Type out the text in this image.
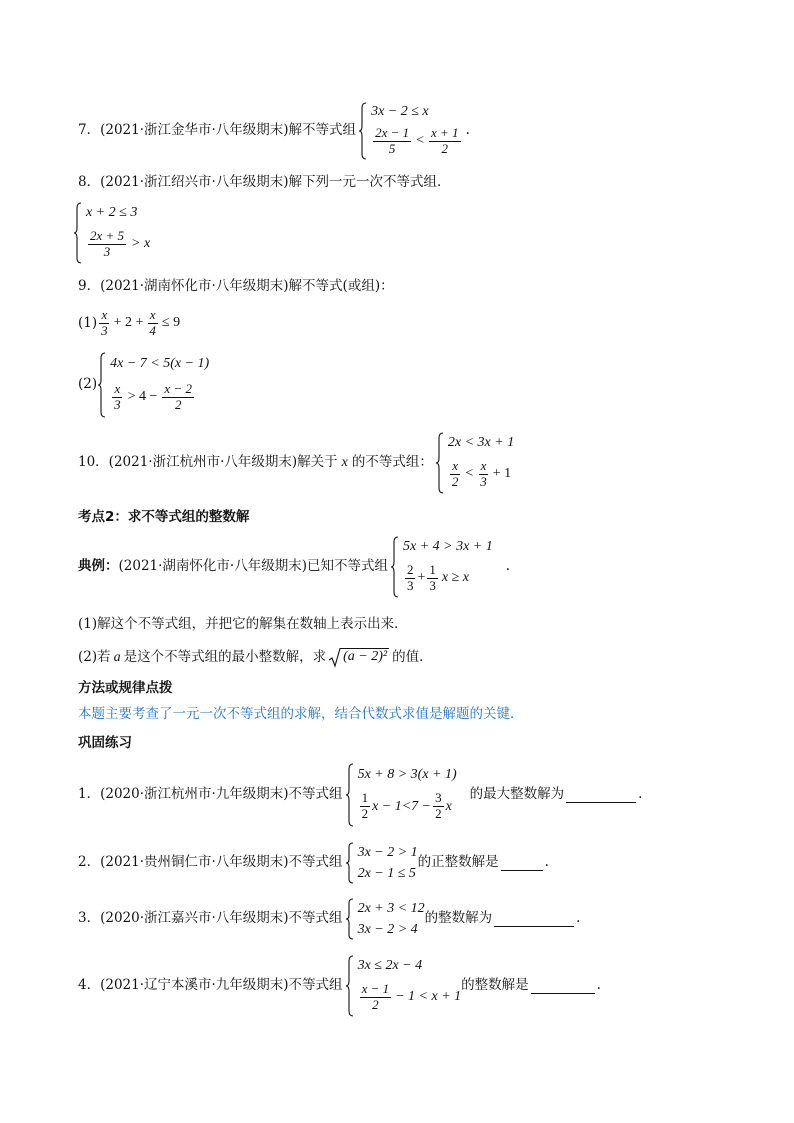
7．(2021·浙江金华市·八年级期末)解不等式组
3x − 2 ≤ x
$\frac{2x - 1}{5} < \frac{x + 1}{2}$ .
8．(2021·浙江绍兴市·八年级期末)解下列一元一次不等式组．
x + 2 ≤ 3
$\frac{2x + 5}{3} > x$
9．(2021·湖南怀化市·八年级期末)解不等式(或组)：
$(1) \frac{x}{3} + 2 + \frac{x}{4} \le 9$
(2)
4x − 7 < 5(x − 1)
$\frac{x}{3} > 4 - \frac{x - 2}{2}$
10．(2021·浙江杭州市·八年级期末)解关于 x 的不等式组：
2x < 3x + 1
$\frac{x}{2} < \frac{x}{3} + 1$
考点2：求不等式组的整数解
典例： (2021·湖南怀化市·八年级期末)已知不等式组
5x + 4 > 3x + 1
$\frac{2}{3} + \frac{1}{3}$ x ≥ x
.
(1)解这个不等式组，并把它的解集在数轴上表示出来．
(2)若 a 是这个不等式组的最小整数解，求 (a − 2)² 的值．
方法或规律点拨
本题主要考查了一元一次不等式组的求解，结合代数式求值是解题的关键．
巩固练习
1．(2020·浙江杭州市·九年级期末)不等式组
5x + 8 > 3(x + 1)
$\frac{1}{2}$ $x - 1<7 - \frac{3}{2}$ x
的最大整数解为	.
2．(2021·贵州铜仁市·八年级期末)不等式组
3x − 2 > 1
2x − 1 ≤ 5
的正整数解是	.
3．(2020·浙江嘉兴市·八年级期末)不等式组
2x + 3 < 12
3x − 2 > 4
的整数解为	.
4．(2021·辽宁本溪市·九年级期末)不等式组
3x ≤ 2x − 4
$\frac{x - 1}{2} - 1 < x + 1$
的整数解是	.
